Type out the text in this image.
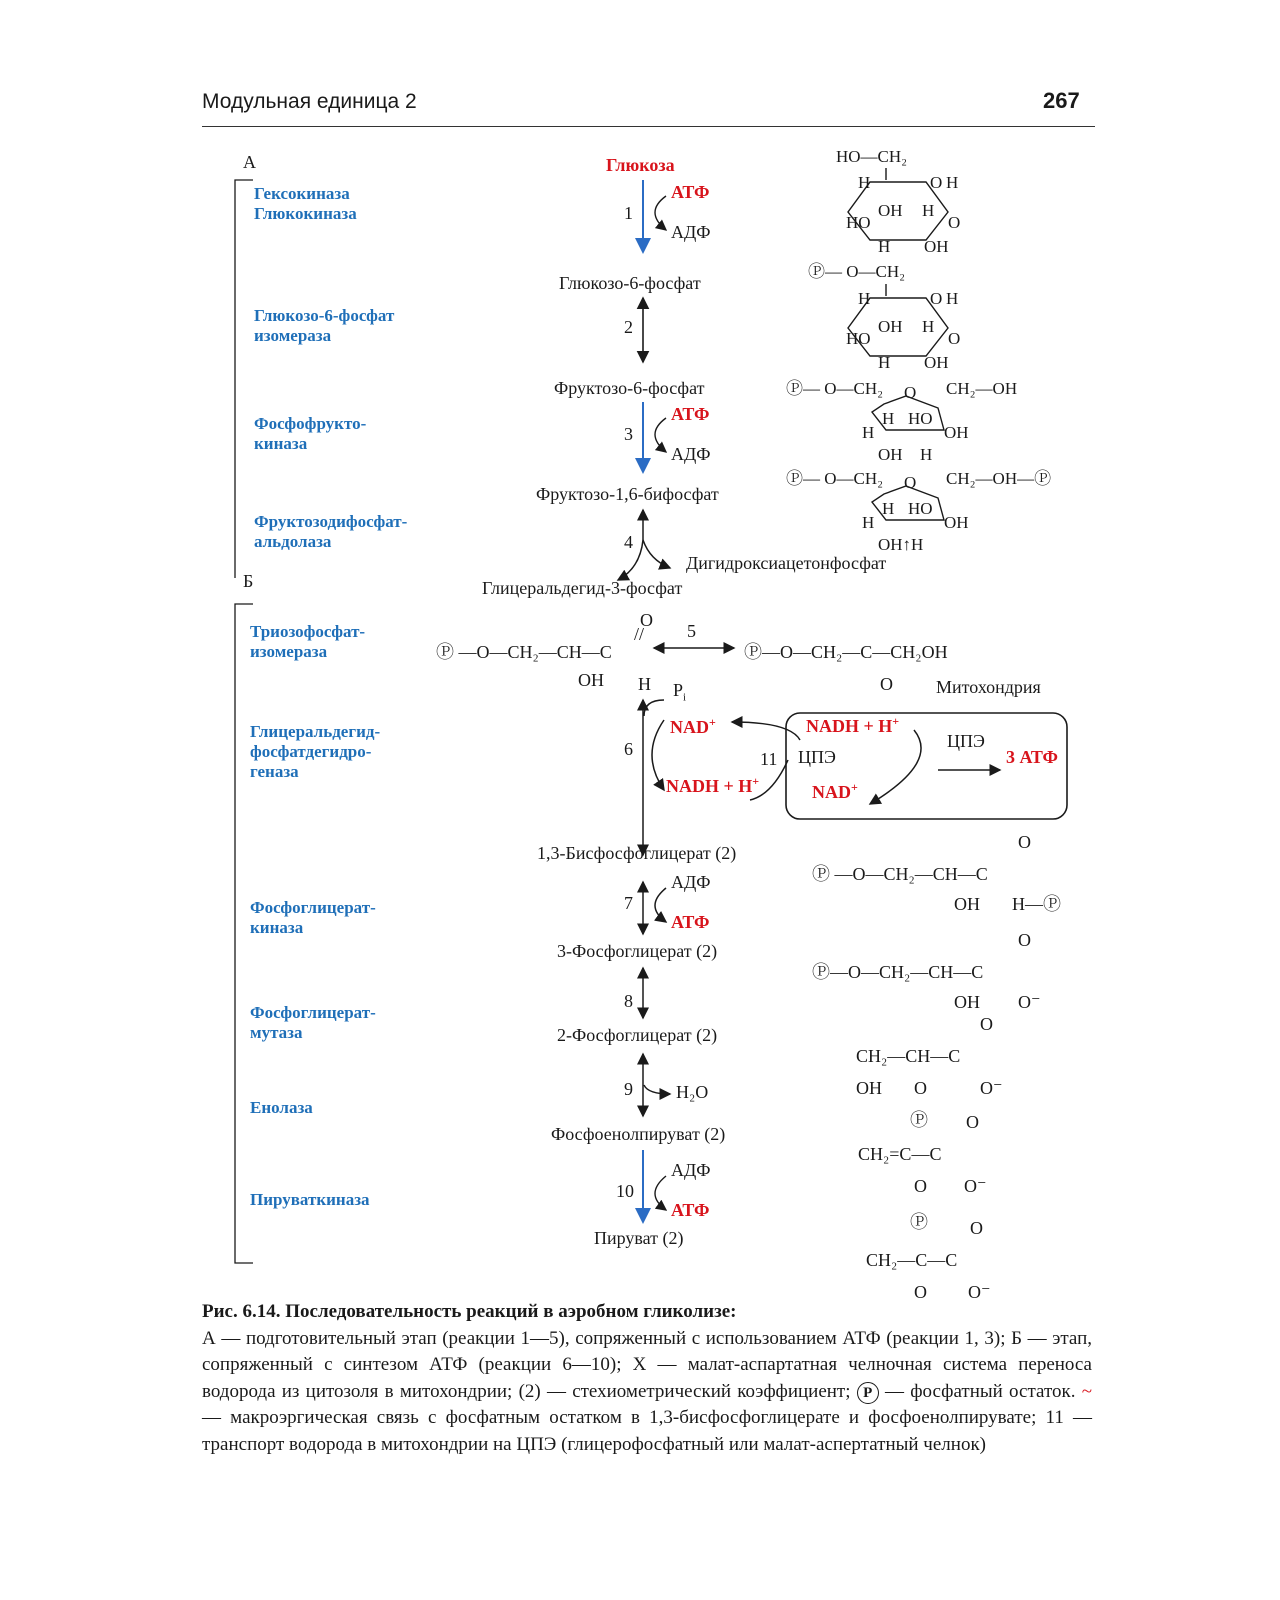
Модульная единица 2	267
А
Б
Гексокиназа
Глюкокиназа
Глюкозо-6-фосфат
изомераза
Фосфофрукто-
киназа
Фруктозодифосфат-
альдолаза
Триозофосфат-
изомераза
Глицеральдегид-
фосфатдегидро-
геназа
Фосфоглицерат-
киназа
Фосфоглицерат-
мутаза
Енолаза
Пируваткиназа
Глюкоза
Глюкозо-6-фосфат
Фруктозо-6-фосфат
Фруктозо-1,6-бифосфат
Дигидроксиацетонфосфат
Глицеральдегид-3-фосфат
1,3-Бисфосфоглицерат (2)
3-Фосфоглицерат (2)
2-Фосфоглицерат (2)
Фосфоенолпируват (2)
Пируват (2)
АТФ
АДФ
АТФ
АДФ
$P_i$
NAD+
NADH + H+
АДФ
АТФ
H₂O
АДФ
АТФ
1
2
3
4
5
6
7
8
9
10
11
Митохондрия
NADH + H+
ЦПЭ
NAD+
ЦПЭ
3 АТФ
HO—CH₂
H	O H
OH H
HO	O
H OH
Ⓟ— O—CH₂
H	O H
OH H
HO	O
H OH
Ⓟ— O—CH₂	CH₂—OH
O
H HO
H	OH
OH H
Ⓟ— O—CH₂	CH₂—OH—Ⓟ
O
H HO
H	OH
OH↑H
Ⓟ —O—CH₂—CH—C
O
//
OH H
Ⓟ—O—CH₂—C—CH₂OH
O
Ⓟ —O—CH₂—CH—C
O
OH H—Ⓟ
Ⓟ—O—CH₂—CH—C
O
OH O⁻
CH₂—CH—C
O
OH O	O⁻
Ⓟ
CH₂=C—C
O
O O⁻
Ⓟ
CH₂—C—C
O
O O⁻
Рис. 6.14. Последовательность реакций в аэробном гликолизе:
А — подготовительный этап (реакции 1—5), сопряженный с использованием АТФ (реакции 1, 3); Б — этап, сопряженный с синтезом АТФ (реакции 6—10); X — малат-аспартатная челночная система переноса водорода из цитозоля в митохондрии; (2) — стехиометрический коэффициент; P — фосфатный остаток. ~ — макроэргическая связь с фосфатным остатком в 1,3-бисфосфоглицерате и фосфоенолпирувате; 11 — транспорт водорода в митохондрии на ЦПЭ (глицерофосфатный или малат-аспертатный челнок)
